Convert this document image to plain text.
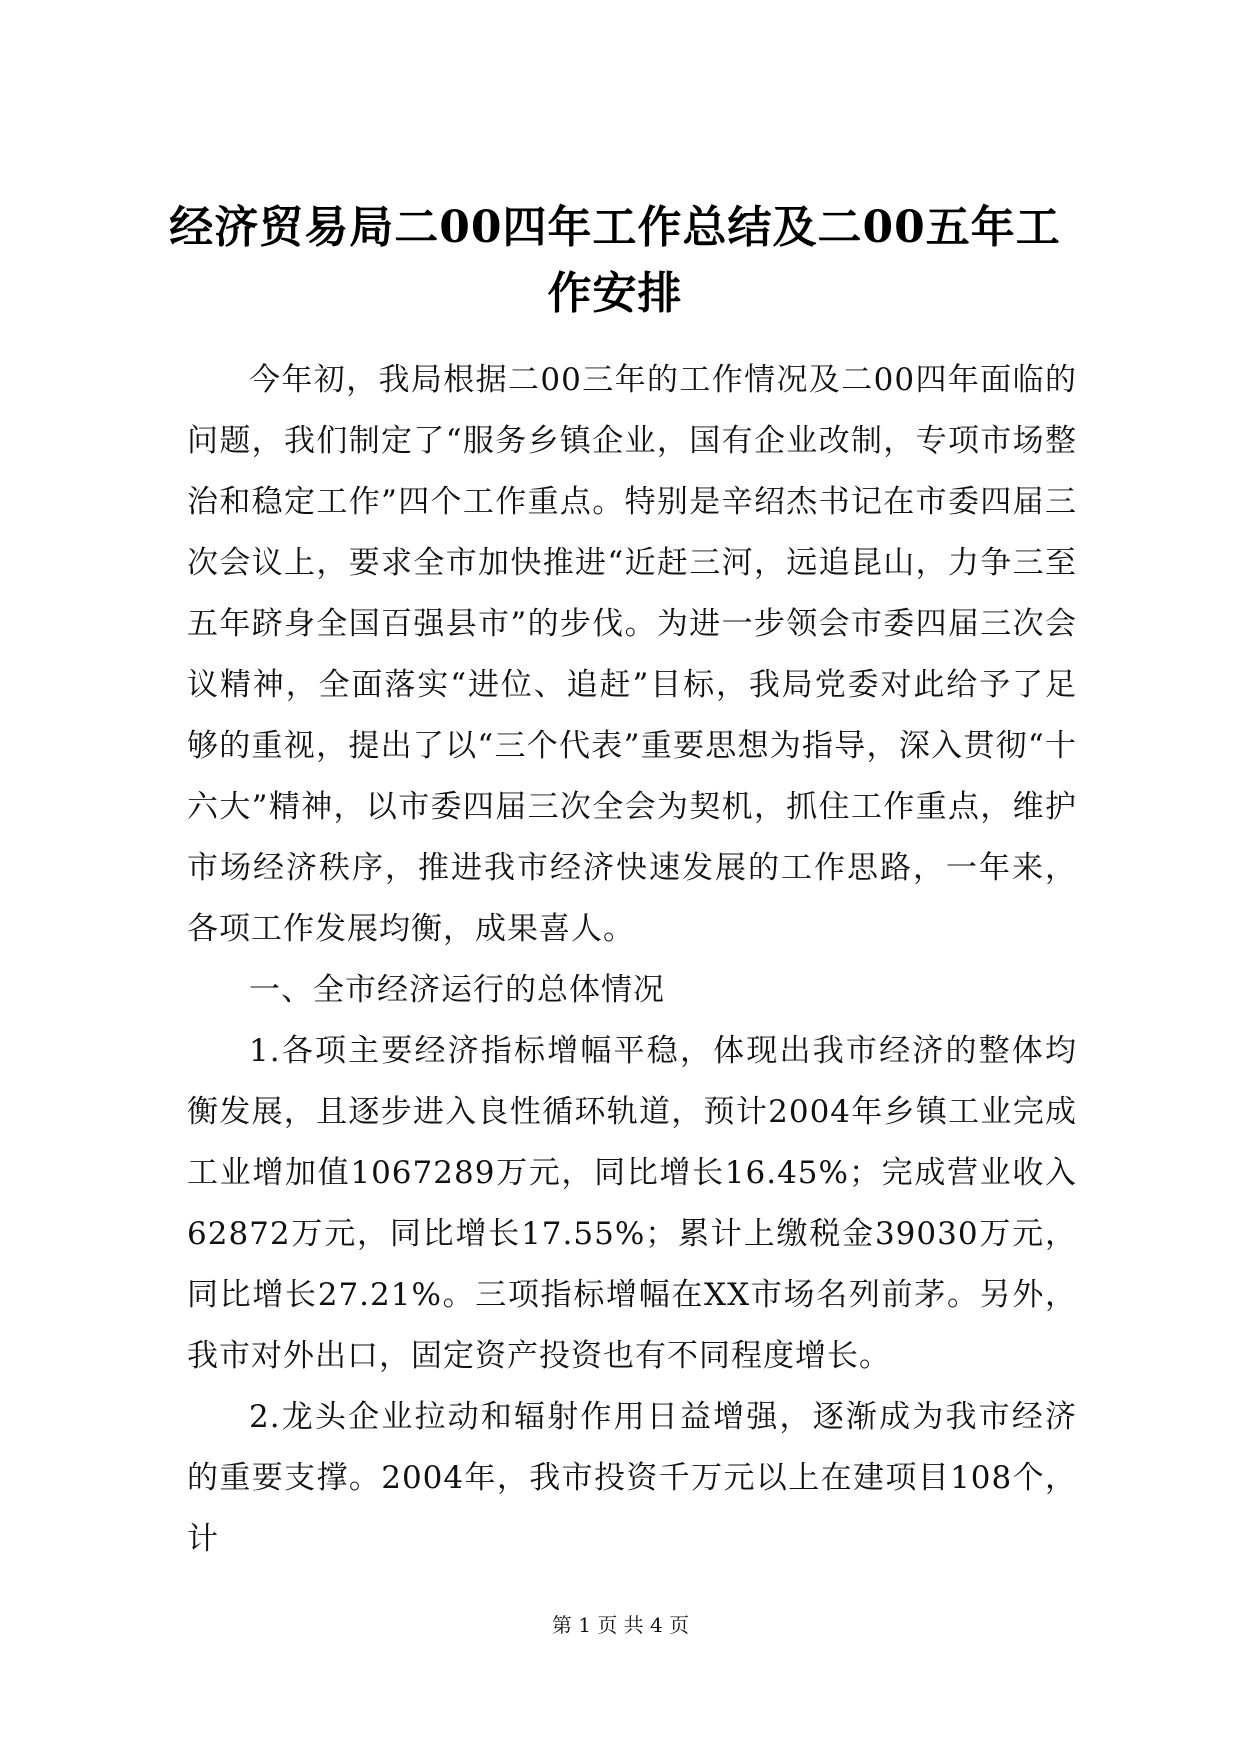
经济贸易局二00四年工作总结及二00五年工作安排

今年初，我局根据二00三年的工作情况及二00四年面临的问题，我们制定了“服务乡镇企业，国有企业改制，专项市场整治和稳定工作”四个工作重点。特别是辛绍杰书记在市委四届三次会议上，要求全市加快推进“近赶三河，远追昆山，力争三至五年跻身全国百强县市”的步伐。为进一步领会市委四届三次会议精神，全面落实“进位、追赶”目标，我局党委对此给予了足够的重视，提出了以“三个代表”重要思想为指导，深入贯彻“十六大”精神，以市委四届三次全会为契机，抓住工作重点，维护市场经济秩序，推进我市经济快速发展的工作思路，一年来，各项工作发展均衡，成果喜人。

一、全市经济运行的总体情况

1.各项主要经济指标增幅平稳，体现出我市经济的整体均衡发展，且逐步进入良性循环轨道，预计2004年乡镇工业完成工业增加值1067289万元，同比增长16.45%；完成营业收入62872万元，同比增长17.55%；累计上缴税金39030万元，同比增长27.21%。三项指标增幅在XX市场名列前茅。另外，我市对外出口，固定资产投资也有不同程度增长。

2.龙头企业拉动和辐射作用日益增强，逐渐成为我市经济的重要支撑。2004年，我市投资千万元以上在建项目108个，计

第 1 页 共 4 页
